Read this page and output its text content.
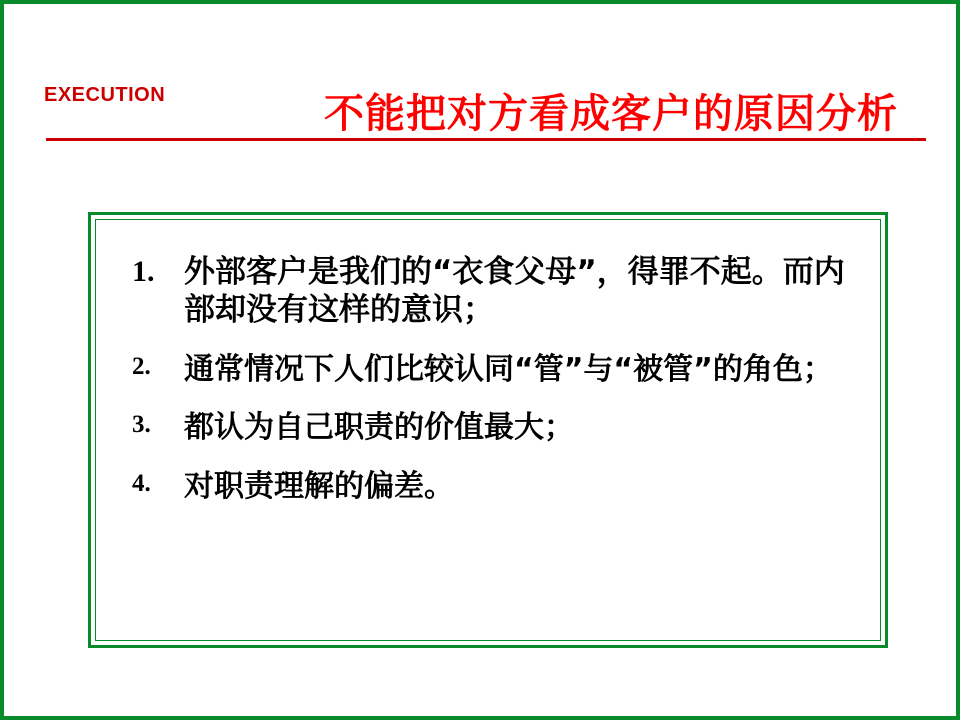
EXECUTION	不能把对方看成客户的原因分析
1. 外部客户是我们的“衣食父母”，得罪不起。而内部却没有这样的意识；
2. 通常情况下人们比较认同“管”与“被管”的角色；
3. 都认为自己职责的价值最大；
4. 对职责理解的偏差。
